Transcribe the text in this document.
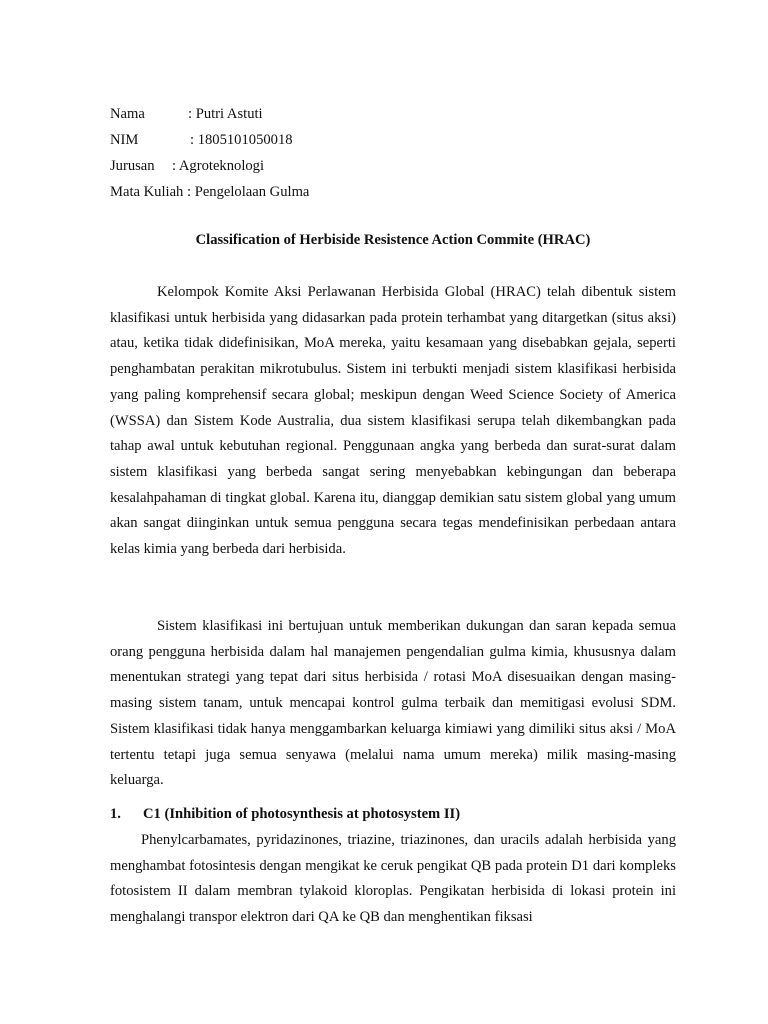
Nama	: Putri Astuti
NIM	: 1805101050018
Jurusan	: Agroteknologi
Mata Kuliah : Pengelolaan Gulma
Classification of Herbiside Resistence Action Commite (HRAC)

Kelompok Komite Aksi Perlawanan Herbisida Global (HRAC) telah dibentuk sistem klasifikasi untuk herbisida yang didasarkan pada protein terhambat yang ditargetkan (situs aksi) atau, ketika tidak didefinisikan, MoA mereka, yaitu kesamaan yang disebabkan gejala, seperti penghambatan perakitan mikrotubulus. Sistem ini terbukti menjadi sistem klasifikasi herbisida yang paling komprehensif secara global; meskipun dengan Weed Science Society of America (WSSA) dan Sistem Kode Australia, dua sistem klasifikasi serupa telah dikembangkan pada tahap awal untuk kebutuhan regional. Penggunaan angka yang berbeda dan surat-surat dalam sistem klasifikasi yang berbeda sangat sering menyebabkan kebingungan dan beberapa kesalahpahaman di tingkat global. Karena itu, dianggap demikian satu sistem global yang umum akan sangat diinginkan untuk semua pengguna secara tegas mendefinisikan perbedaan antara kelas kimia yang berbeda dari herbisida.

Sistem klasifikasi ini bertujuan untuk memberikan dukungan dan saran kepada semua orang pengguna herbisida dalam hal manajemen pengendalian gulma kimia, khususnya dalam menentukan strategi yang tepat dari situs herbisida / rotasi MoA disesuaikan dengan masing-masing sistem tanam, untuk mencapai kontrol gulma terbaik dan memitigasi evolusi SDM. Sistem klasifikasi tidak hanya menggambarkan keluarga kimiawi yang dimiliki situs aksi / MoA tertentu tetapi juga semua senyawa (melalui nama umum mereka) milik masing-masing keluarga.

1.	C1 (Inhibition of photosynthesis at photosystem II)

Phenylcarbamates, pyridazinones, triazine, triazinones, dan uracils adalah herbisida yang menghambat fotosintesis dengan mengikat ke ceruk pengikat QB pada protein D1 dari kompleks fotosistem II dalam membran tylakoid kloroplas. Pengikatan herbisida di lokasi protein ini menghalangi transpor elektron dari QA ke QB dan menghentikan fiksasi
